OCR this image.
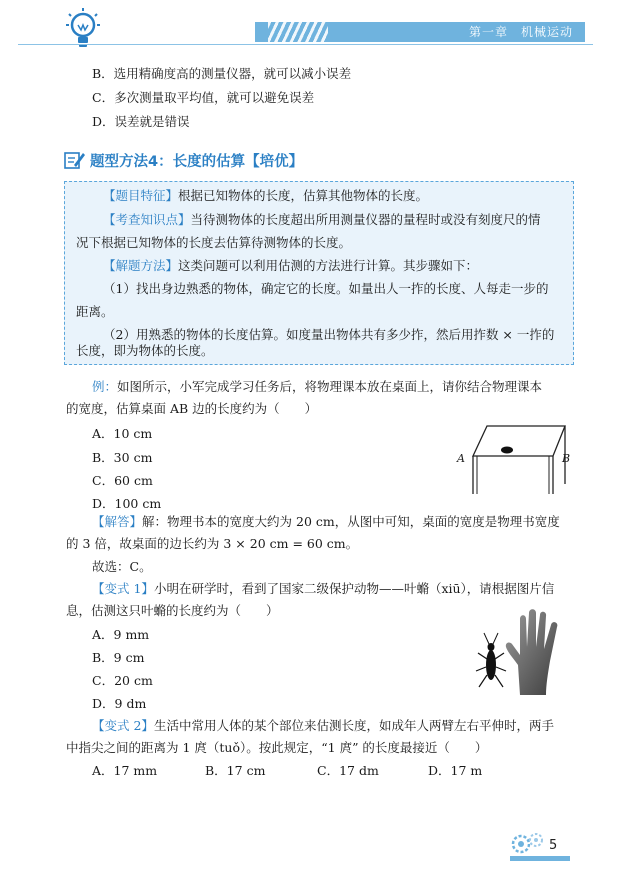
第一章　机械运动
B．选用精确度高的测量仪器，就可以减小误差
C．多次测量取平均值，就可以避免误差
D．误差就是错误
题型方法4：长度的估算【培优】
【题目特征】根据已知物体的长度，估算其他物体的长度。
【考查知识点】当待测物体的长度超出所用测量仪器的量程时或没有刻度尺的情
况下根据已知物体的长度去估算待测物体的长度。
【解题方法】这类问题可以利用估测的方法进行计算。其步骤如下：
（1）找出身边熟悉的物体，确定它的长度。如量出人一拃的长度、人每走一步的
距离。
（2）用熟悉的物体的长度估算。如度量出物体共有多少拃，然后用拃数 × 一拃的
长度，即为物体的长度。
例：如图所示，小军完成学习任务后，将物理课本放在桌面上，请你结合物理课本
的宽度，估算桌面 AB 边的长度约为（　　）
A．10 cm
B．30 cm
C．60 cm
D．100 cm
A	B
【解答】解：物理书本的宽度大约为 20 cm，从图中可知，桌面的宽度是物理书宽度
的 3 倍，故桌面的边长约为 3 × 20 cm = 60 cm。
故选：C。
【变式 1】小明在研学时，看到了国家二级保护动物——叶䗛（xiū），请根据图片信
息，估测这只叶䗛的长度约为（　　）
A．9 mm
B．9 cm
C．20 cm
D．9 dm
【变式 2】生活中常用人体的某个部位来估测长度，如成年人两臂左右平伸时，两手
中指尖之间的距离为 1 庹（tuǒ）。按此规定，“1 庹” 的长度最接近（　　）
A．17 mm	B．17 cm	C．17 dm	D．17 m
5
